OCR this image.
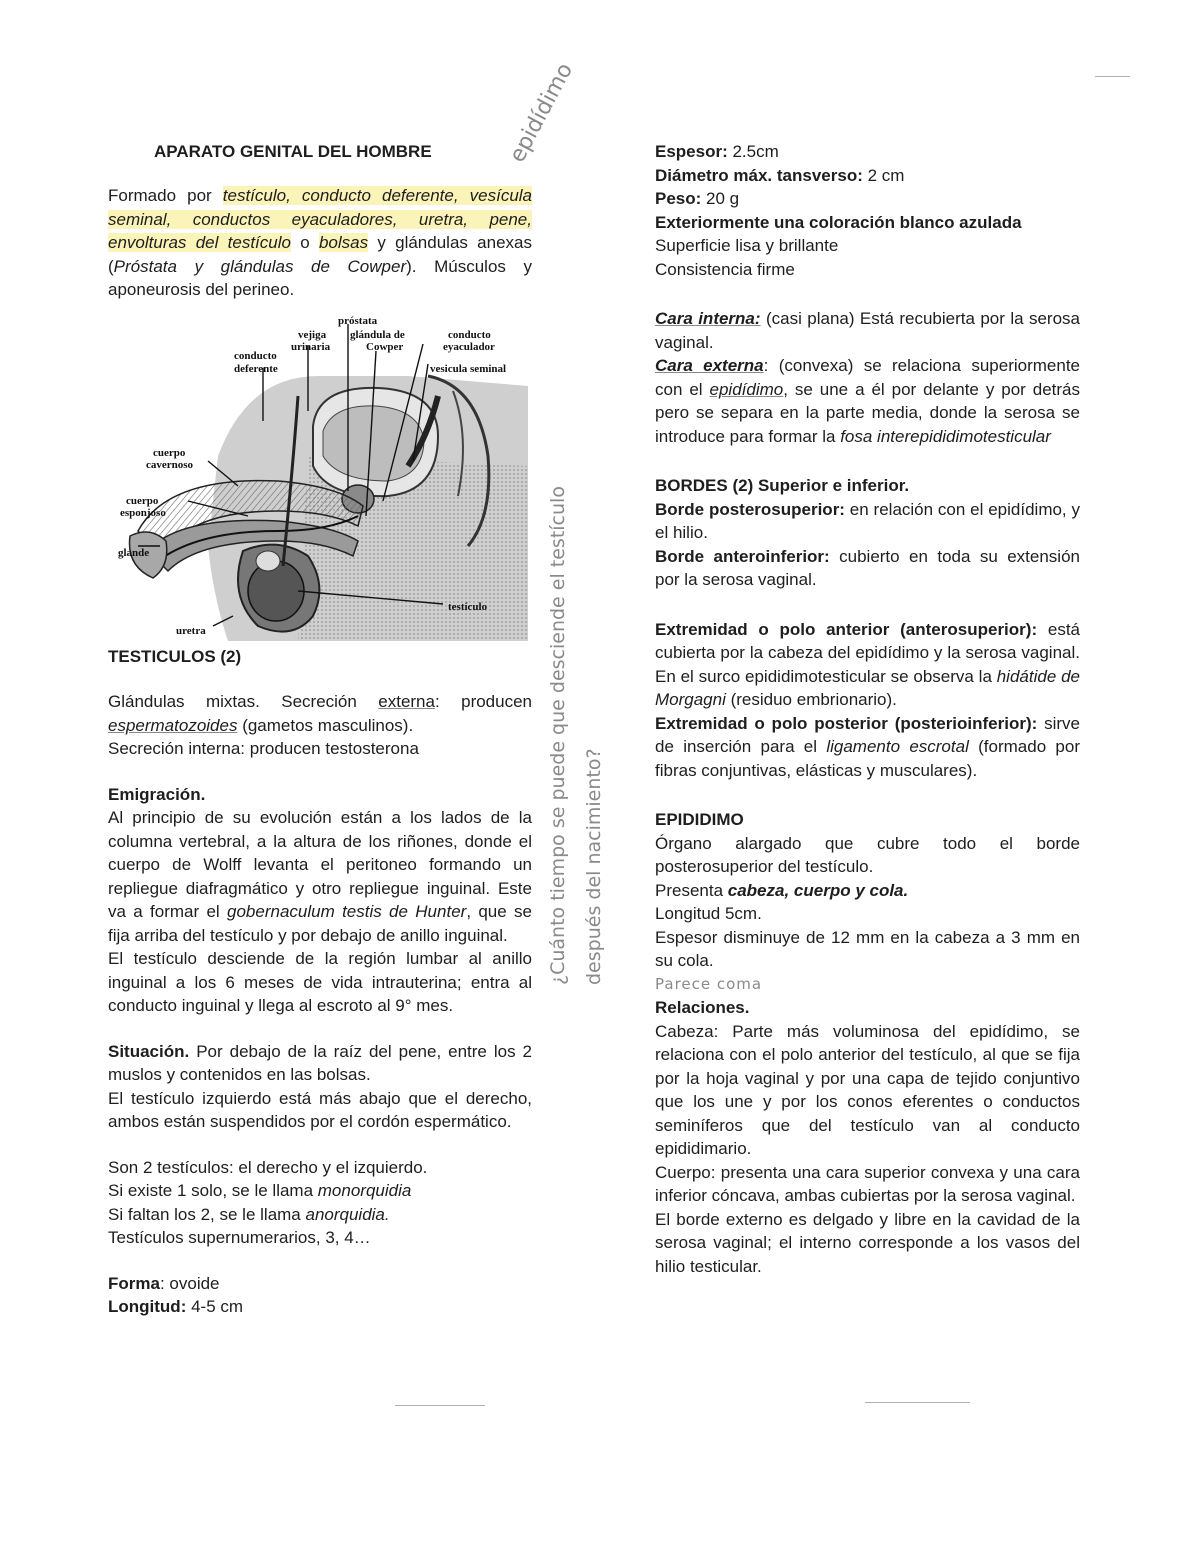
APARATO GENITAL DEL HOMBRE

Formado por testículo, conducto deferente, vesícula seminal, conductos eyaculadores, uretra, pene, envolturas del testículo o bolsas y glándulas anexas (Próstata y glándulas de Cowper). Músculos y aponeurosis del perineo.

próstata
vejiga
urinaria
glándula de
Cowper
conducto
eyaculador
conducto
deferente	vesicula seminal
cuerpo
cavernoso
cuerpo
esponjoso
glande
testículo
uretra
TESTICULOS (2)

Glándulas mixtas. Secreción externa: producen espermatozoides (gametos masculinos).

Secreción interna: producen testosterona

Emigración.

Al principio de su evolución están a los lados de la columna vertebral, a la altura de los riñones, donde el cuerpo de Wolff levanta el peritoneo formando un repliegue diafragmático y otro repliegue inguinal. Este va a formar el gobernaculum testis de Hunter, que se fija arriba del testículo y por debajo de anillo inguinal.

El testículo desciende de la región lumbar al anillo inguinal a los 6 meses de vida intrauterina; entra al conducto inguinal y llega al escroto al 9° mes.

Situación. Por debajo de la raíz del pene, entre los 2 muslos y contenidos en las bolsas.

El testículo izquierdo está más abajo que el derecho, ambos están suspendidos por el cordón espermático.

Son 2 testículos: el derecho y el izquierdo.

Si existe 1 solo, se le llama monorquidia

Si faltan los 2, se le llama anorquidia.

Testículos supernumerarios, 3, 4…

Forma: ovoide

Longitud: 4-5 cm

Espesor: 2.5cm

Diámetro máx. tansverso: 2 cm

Peso: 20 g

Exteriormente una coloración blanco azulada

Superficie lisa y brillante

Consistencia firme

Cara interna: (casi plana) Está recubierta por la serosa vaginal.

Cara externa: (convexa) se relaciona superiormente con el epidídimo, se une a él por delante y por detrás pero se separa en la parte media, donde la serosa se introduce para formar la fosa interepididimotesticular

BORDES (2) Superior e inferior.

Borde posterosuperior: en relación con el epidídimo, y el hilio.

Borde anteroinferior: cubierto en toda su extensión por la serosa vaginal.

Extremidad o polo anterior (anterosuperior): está cubierta por la cabeza del epidídimo y la serosa vaginal. En el surco epididimotesticular se observa la hidátide de Morgagni (residuo embrionario).

Extremidad o polo posterior (posterioinferior): sirve de inserción para el ligamento escrotal (formado por fibras conjuntivas, elásticas y musculares).

EPIDIDIMO

Órgano alargado que cubre todo el borde posterosuperior del testículo.

Presenta cabeza, cuerpo y cola.

Longitud 5cm.

Espesor disminuye de 12 mm en la cabeza a 3 mm en su cola.

Parece coma

Relaciones.

Cabeza: Parte más voluminosa del epidídimo, se relaciona con el polo anterior del testículo, al que se fija por la hoja vaginal y por una capa de tejido conjuntivo que los une y por los conos eferentes o conductos seminíferos que del testículo van al conducto epididimario.

Cuerpo: presenta una cara superior convexa y una cara inferior cóncava, ambas cubiertas por la serosa vaginal.

El borde externo es delgado y libre en la cavidad de la serosa vaginal; el interno corresponde a los vasos del hilio testicular.

epidídimo
¿Cuánto tiempo se puede que desciende el testículo después del nacimiento?
